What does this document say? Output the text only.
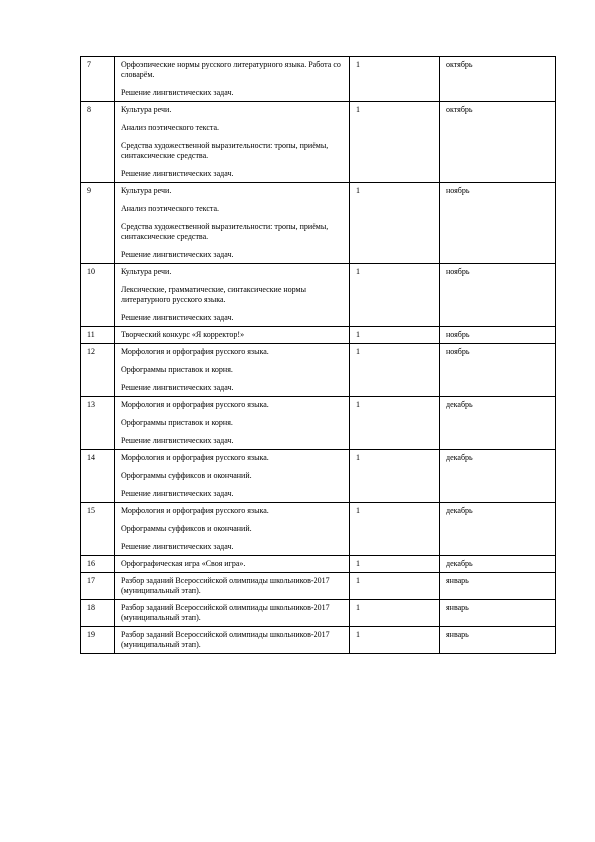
7	Орфоэпические нормы русского литературного языка. Работа со словарём.
Решение лингвистических задач.	1	октябрь
8	Культура речи.
Анализ поэтического текста.
Средства художественной выразительности: тропы, приёмы, синтаксические средства.
Решение лингвистических задач.	1	октябрь
9	Культура речи.
Анализ поэтического текста.
Средства художественной выразительности: тропы, приёмы, синтаксические средства.
Решение лингвистических задач.	1	ноябрь
10	Культура речи.
Лексические, грамматические, синтаксические нормы литературного русского языка.
Решение лингвистических задач.	1	ноябрь
11	Творческий конкурс «Я корректор!»	1	ноябрь
12	Морфология и орфография русского языка.
Орфограммы приставок и корня.
Решение лингвистических задач.	1	ноябрь
13	Морфология и орфография русского языка.
Орфограммы приставок и корня.
Решение лингвистических задач.	1	декабрь
14	Морфология и орфография русского языка.
Орфограммы суффиксов и окончаний.
Решение лингвистических задач.	1	декабрь
15	Морфология и орфография русского языка.
Орфограммы суффиксов и окончаний.
Решение лингвистических задач.	1	декабрь
16	Орфографическая игра «Своя игра».	1	декабрь
17	Разбор заданий Всероссийской олимпиады школьников-2017 (муниципальный этап).	1	январь
18	Разбор заданий Всероссийской олимпиады школьников-2017 (муниципальный этап).	1	январь
19	Разбор заданий Всероссийской олимпиады школьников-2017 (муниципальный этап).	1	январь
